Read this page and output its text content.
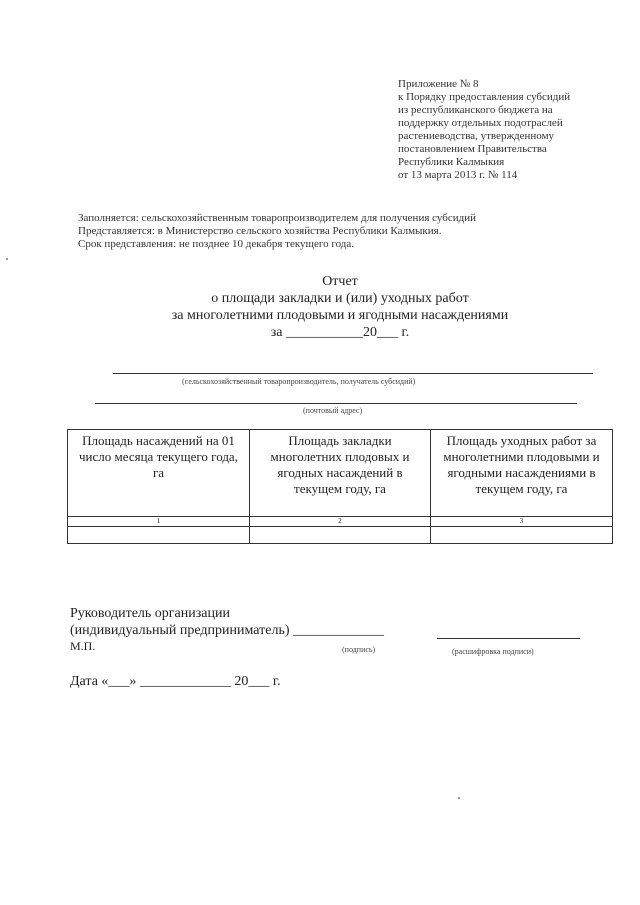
Приложение № 8
к Порядку предоставления субсидий
из республиканского бюджета на
поддержку отдельных подотраслей
растениеводства, утвержденному
постановлением Правительства
Республики Калмыкия
от 13 марта 2013 г. № 114
Заполняется: сельскохозяйственным товаропроизводителем для получения субсидий
Представляется: в Министерство сельского хозяйства Республики Калмыкия.
Срок представления: не позднее 10 декабря текущего года.
Отчет
о площади закладки и (или) уходных работ
за многолетними плодовыми и ягодными насаждениями
за ___________20___ г.
(сельскохозяйственный товаропроизводитель, получатель субсидий)
(почтовый адрес)
Площадь насаждений на 01 число месяца текущего года, га	Площадь закладки многолетних плодовых и ягодных насаждений в текущем году, га	Площадь уходных работ за многолетними плодовыми и ягодными насаждениями в текущем году, га
1	2	3

Руководитель организации
(индивидуальный предприниматель) _____________
М.П.	(подпись)	(расшифровка подписи)
Дата «___» _____________ 20___ г.
